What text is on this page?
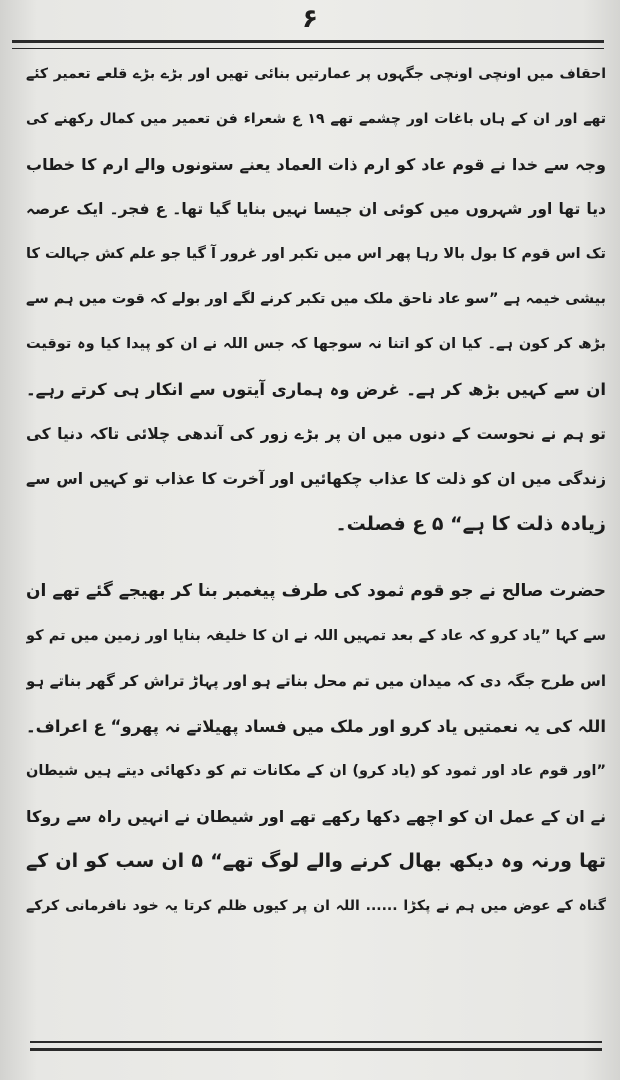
۶
احقاف میں اونچی اونچی جگہوں پر عمارتیں بنائی تھیں اور بڑے بڑے قلعے تعمیر کئے
تھے اور ان کے ہاں باغات اور چشمے تھے ۱۹ ع شعراء فن تعمیر میں کمال رکھنے کی
وجہ سے خدا نے قوم عاد کو ارم ذات العماد یعنے ستونوں والے ارم کا خطاب
دیا تھا اور شہروں میں کوئی ان جیسا نہیں بنایا گیا تھا۔ ع فجر۔ ایک عرصہ
تک اس قوم کا بول بالا رہا پھر اس میں تکبر اور غرور آ گیا جو علم کش جہالت کا
بیشی خیمہ ہے ”سو عاد ناحق ملک میں تکبر کرنے لگے اور بولے کہ قوت میں ہم سے
بڑھ کر کون ہے۔ کیا ان کو اتنا نہ سوجھا کہ جس اللہ نے ان کو پیدا کیا وہ توقیت
ان سے کہیں بڑھ کر ہے۔ غرض وہ ہماری آیتوں سے انکار ہی کرتے رہے۔
تو ہم نے نحوست کے دنوں میں ان پر بڑے زور کی آندھی چلائی تاکہ دنیا کی
زندگی میں ان کو ذلت کا عذاب چکھائیں اور آخرت کا عذاب تو کہیں اس سے
زیادہ ذلت کا ہے“ ۵ ع فصلت۔
حضرت صالح نے جو قوم ثمود کی طرف پیغمبر بنا کر بھیجے گئے تھے ان
سے کہا ”یاد کرو کہ عاد کے بعد تمہیں اللہ نے ان کا خلیفہ بنایا اور زمین میں تم کو
اس طرح جگہ دی کہ میدان میں تم محل بناتے ہو اور پہاڑ تراش کر گھر بناتے ہو
اللہ کی یہ نعمتیں یاد کرو اور ملک میں فساد پھیلاتے نہ پھرو“ ع اعراف۔
”اور قوم عاد اور ثمود کو (یاد کرو) ان کے مکانات تم کو دکھائی دیتے ہیں شیطان
نے ان کے عمل ان کو اچھے دکھا رکھے تھے اور شیطان نے انہیں راہ سے روکا
تھا ورنہ وہ دیکھ بھال کرنے والے لوگ تھے“ ۵ ان سب کو ان کے
گناہ کے عوض میں ہم نے پکڑا ...... اللہ ان پر کیوں ظلم کرتا یہ خود نافرمانی کرکے
